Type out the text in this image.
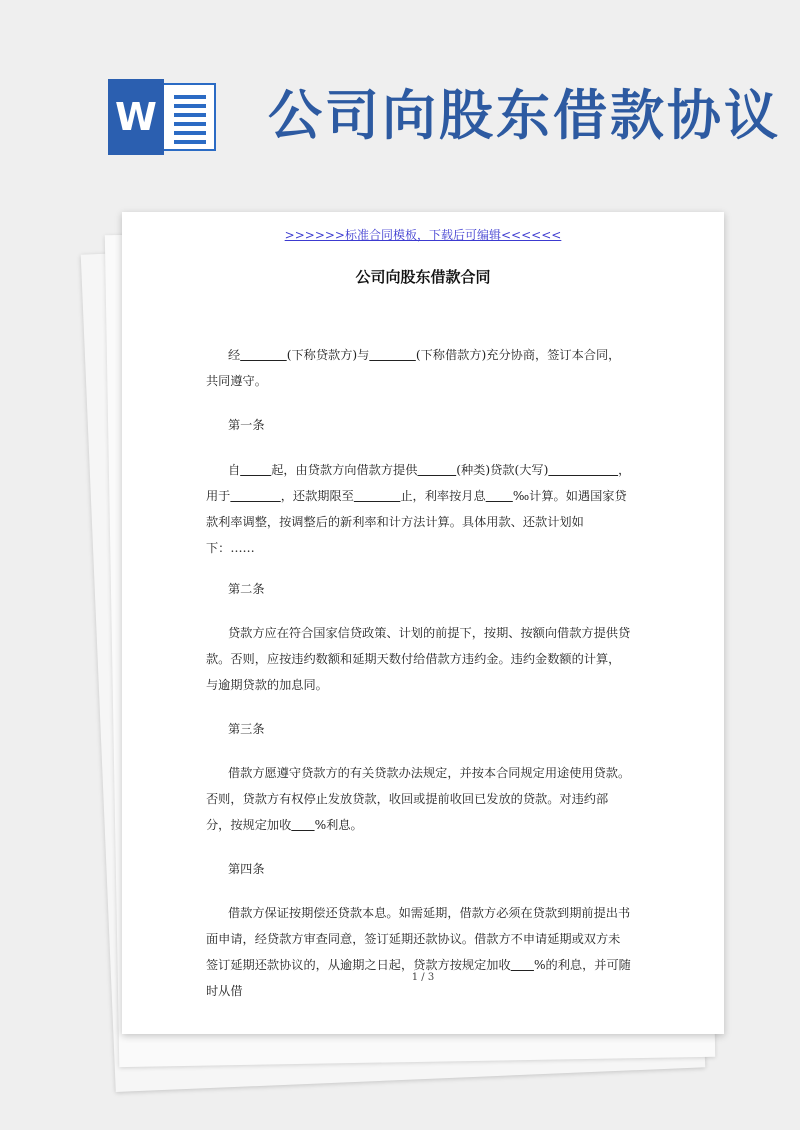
W 公司向股东借款协议
>>>>>>标准合同模板，下载后可编辑<<<<<<
公司向股东借款合同

经	(下称贷款方)与	(下称借款方)充分协商，签订本合同，共同遵守。

第一条

自	起，由贷款方向借款方提供	(种类)贷款(大写)	，用于	，还款期限至	止，利率按月息 ‰计算。如遇国家贷款利率调整，按调整后的新利率和计方法计算。具体用款、还款计划如下：……

第二条

贷款方应在符合国家信贷政策、计划的前提下，按期、按额向借款方提供贷款。否则，应按违约数额和延期天数付给借款方违约金。违约金数额的计算，与逾期贷款的加息同。

第三条

借款方愿遵守贷款方的有关贷款办法规定，并按本合同规定用途使用贷款。否则，贷款方有权停止发放贷款，收回或提前收回已发放的贷款。对违约部分，按规定加收 %利息。

第四条

借款方保证按期偿还贷款本息。如需延期，借款方必须在贷款到期前提出书面申请，经贷款方审查同意，签订延期还款协议。借款方不申请延期或双方未签订延期还款协议的，从逾期之日起，贷款方按规定加收 %的利息，并可随时从借

1 / 3
